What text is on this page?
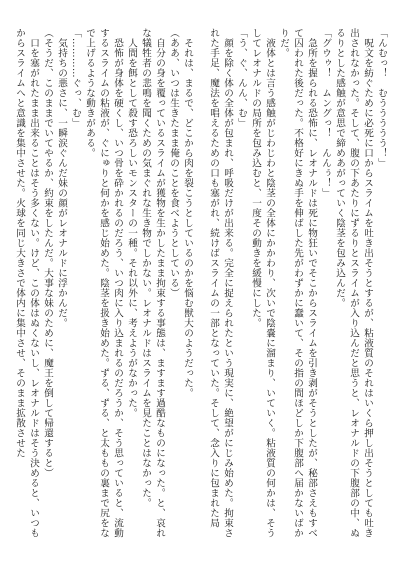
「んむっ！　むううううう！」
呪文を紡ぐために必死に口からスライムを吐き出そうとするが、粘液質のそれはいくら押し出そうとしても吐き出されなかった。そして、腹の下あたりにずるりとスライムが入り込んだと思うと、レオナルドの下腹部の中、ぬるりとした感触が意思で締めあがっていく陰茎を包み込んだ。
「グウゥ！　ムングっ！　んんぅ！」
急所を握られる恐怖に、レオナルドは死に物狂いでそこからスライムを引き剥がそうとしたが、秘部さえもすべて囚われた後だった。不格好にきぬ手を伸ばした先がわずかに蠢いて、その指の間ほどしか下腹部へ届かないばかりだ。
液体とは言う感触がじわじわと陰茎の全体にかかわり、次いで陰嚢に溜まり、いていく。粘液質の何かは、そうしてレオナルドの局所を包み込むと、一度その動きを緩慢にした。
「う、ぐ、んん、む」
顔を除く体の全体が包まれ、呼吸だけが出来る。完全に捉えられたという現実に、絶望がにじみ始めた。拘束された手足、魔法を唱えるための口も塞がれ、続けばスライムの一部となっていた。そして、念入りに包まれた局
それは、まるで、どこから肉を裂こうとしているのかを悩む獣大のようだった。
（ああ、いつは生きたまま俺のことを食べようとしている）
自分の身を覆っているスライムが獲物を生かしたまま拘束する事態は、ますます過酷なものになった。と、哀れな犠牲者の悲鳴を聞くための気まぐれな生き物でしかない。レオナルドはスライムを見たことはなかった。
人間を餌として殺す恐ろしいモンスターの一種。それ以外に、考えようがなかった。
恐怖が身体を硬くし、いつ骨を砕かれるのだろう、いつ肉に入り込まれるのだろうか、そう思っていると、流動するスライムの粘液が、ぐにゅりと何かを感じ始めた。陰茎を扱き始めた。ずる、ずる、と太ももの裏まで尻をなで上げるような動きがある。
「…………ぐっ、む」
気持ちの悪さに、一瞬涙ぐんだ妹の顔がレオナルドに浮かんだ。
（そうだ、このままでいてやるか、約束をしたんだ。大事な妹のために、魔王を倒して帰還すると）
口を塞がれたまま出来ることはそう多くない。けど、この体はぬくないし、レオナルドはそう決めると、いつもからスライムへと意識を集中させた。火球を同じ大きさで体内に集中させ、そのまま拡散させた
